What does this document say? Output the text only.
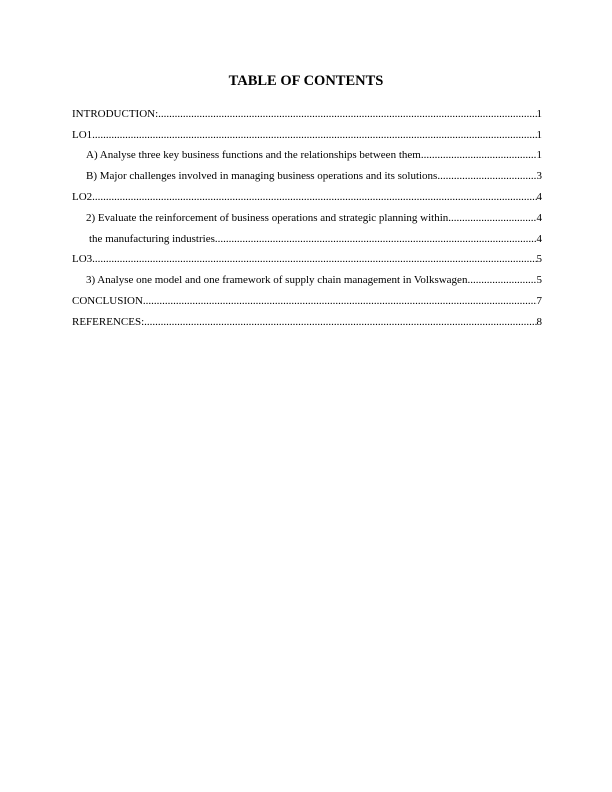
TABLE OF CONTENTS
INTRODUCTION: .....	1
LO1 .....	1
A) Analyse three key business functions and the relationships between them .....	1
B) Major challenges involved in managing business operations and its solutions .....	3
LO2 .....	4
2) Evaluate the reinforcement of business operations and strategic planning within .....	4
the manufacturing industries .....	4
LO3 .....	5
3) Analyse one model and one framework of supply chain management in Volkswagen .....	5
CONCLUSION .....	7
REFERENCES: .....	8
